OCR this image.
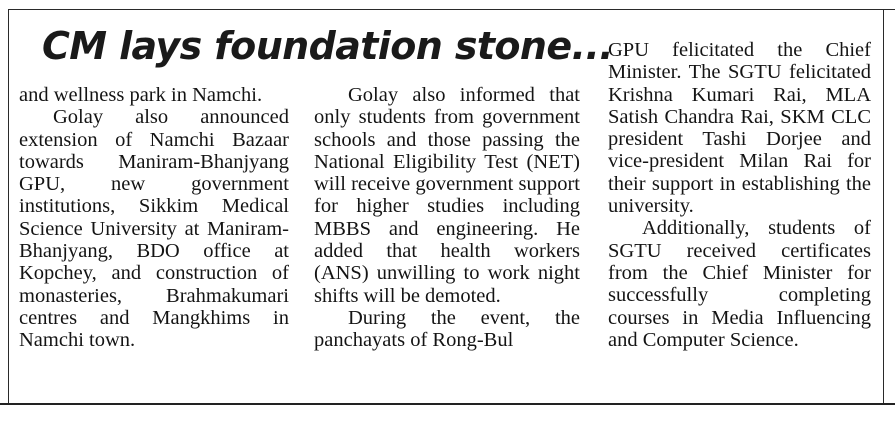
CM lays foundation stone...

and wellness park in Namchi.

Golay also announced extension of Namchi Bazaar towards Maniram-Bhanjyang GPU, new government institutions, Sikkim Medical Science University at Maniram-Bhanjyang, BDO office at Kopchey, and construction of monasteries, Brahmakumari centres and Mangkhims in Namchi town.

Golay also informed that only students from government schools and those passing the National Eligibility Test (NET) will receive government support for higher studies including MBBS and engineering. He added that health workers (ANS) unwilling to work night shifts will be demoted.

During the event, the panchayats of Rong-Bul

GPU felicitated the Chief Minister. The SGTU felicitated Krishna Kumari Rai, MLA Satish Chandra Rai, SKM CLC president Tashi Dorjee and vice-president Milan Rai for their support in establishing the university.

Additionally, students of SGTU received certificates from the Chief Minister for successfully completing courses in Media Influencing and Computer Science.
